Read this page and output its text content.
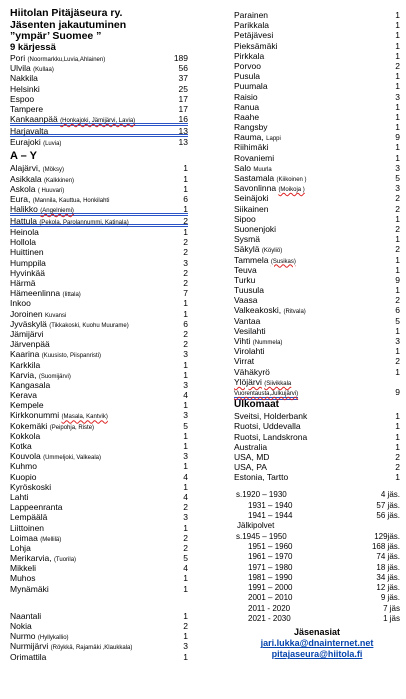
Hiitolan Pitäjäseura ry.
Jäsenten jakautuminen
”ympär’ Suomee ”
9 kärjessä
Pori (Noormarkku,Luvia,Ahlainen)	189
Ulvila (Kullaa)	56
Nakkila	37
Helsinki	25
Espoo	17
Tampere	17
Kankaanpää (Honkajoki, Jämijärvi, Lavia)	16
Harjavalta	13
Eurajoki (Luvia)	13
A – Y
Alajärvi, (Möksy)	1
Asikkala (Kalkkinen)	1
Askola ( Huuvari)	1
Eura, (Mannila, Kauttua, Honkilahti	6
Halikko (Angelniemi)	1
Hattula (Pekola, Parolannummi, Katinala)	2
Heinola	1
Hollola	2
Huittinen	2
Humppila	3
Hyvinkää	2
Härmä	2
Hämeenlinna (Iittala)	7
Inkoo	1
Joroinen Kuvansi	1
Jyväskylä (Tikkakoski, Kuohu Muurame)	6
Jämijärvi	2
Järvenpää	2
Kaarina (Kuusisto, Piispanristi)	3
Karkkila	1
Karvia, (Suomijärvi)	1
Kangasala	3
Kerava	4
Kempele	1
Kirkkonummi (Masala, Kantvik)	3
Kokemäki (Peipohja, Riste)	5
Kokkola	1
Kotka	1
Kouvola (Ummeljoki, Valkeala)	3
Kuhmo	1
Kuopio	4
Kyröskoski	1
Lahti	4
Lappeenranta	2
Lempäälä	3
Liittoinen	1
Loimaa (Mellilä)	2
Lohja	2
Merikarvia, (Tuorila)	5
Mikkeli	4
Muhos	1
Mynämäki	1
Naantali	1
Nokia	2
Nurmo (Hyllykallio)	1
Nurmijärvi (Röykkä, Rajamäki ,Klaukkala)	3
Orimattila	1
Parainen	1
Parikkala	1
Petäjävesi	1
Pieksämäki	1
Pirkkala	1
Porvoo	2
Pusula	1
Puumala	1
Raisio	3
Ranua	1
Raahe	1
Rangsby	1
Rauma, Lappi	9
Riihimäki	1
Rovaniemi	1
Salo Muurla	3
Sastamala (Kiikoinen )	5
Savonlinna (Moikoja )	3
Seinäjoki	2
Siikainen	2
Sipoo	1
Suonenjoki	2
Sysmä	1
Säkylä (Köyliö)	2
Tammela (Susikas)	1
Teuva	1
Turku	9
Tuusula	1
Vaasa	2
Valkeakoski, (Ritvala)	6
Vantaa	5
Vesilahti	1
Vihti (Nummela)	3
Virolahti	1
Virrat	2
Vähäkyrö	1
Ylöjärvi (Siivikkala
Vuorentausta,Julkujärvi)	9
Ulkomaat
Sveitsi, Holderbank	1
Ruotsi, Uddevalla	1
Ruotsi, Landskrona	1
Australia	1
USA, MD	2
USA, PA	2
Estonia, Tartto	1
s.1920 – 1930	4 jäs.
1931 – 1940	57 jäs.
1941 – 1944	56 jäs.
Jälkipolvet
s.1945 – 1950	129jäs.
1951 – 1960	168 jäs.
1961 – 1970	74 jäs.
1971 – 1980	18 jäs.
1981 – 1990	34 jäs.
1991 – 2000	12 jäs.
2001 – 2010	9 jäs.
2011 - 2020	7 jäs
2021 - 2030	1 jäs
Jäsenasiat
jari.lukka@dnainternet.net
pitajaseura@hiitola.fi
